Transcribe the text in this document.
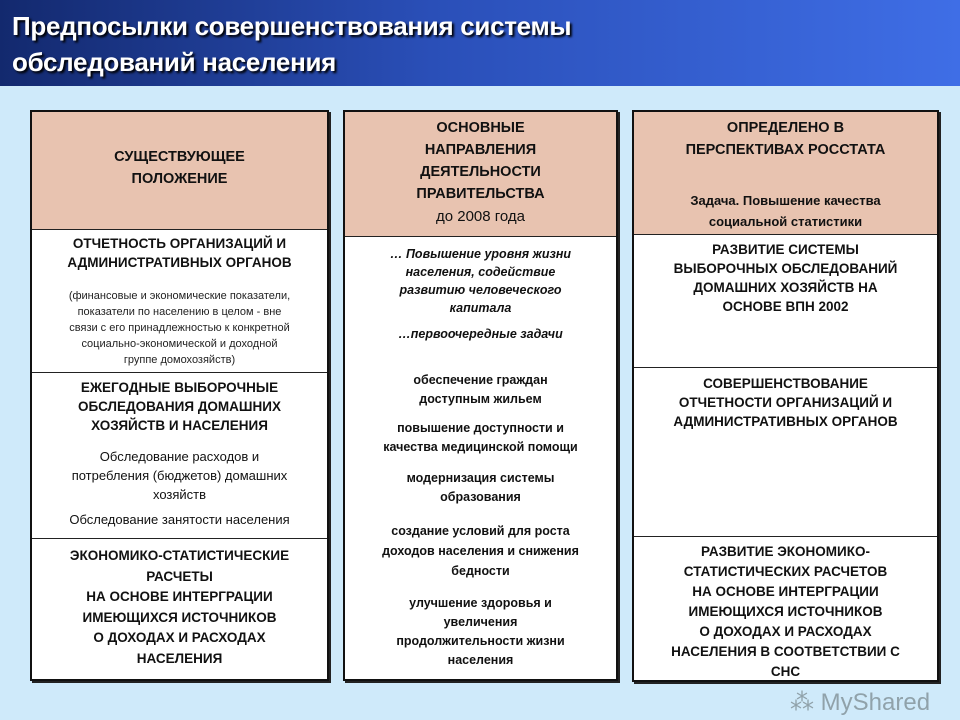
Предпосылки совершенствования системы
обследований населения
СУЩЕСТВУЮЩЕЕ
ПОЛОЖЕНИЕ
ОТЧЕТНОСТЬ ОРГАНИЗАЦИЙ И
АДМИНИСТРАТИВНЫХ ОРГАНОВ
(финансовые и экономические показатели,
показатели по населению в целом - вне
связи с его принадлежностью к конкретной
социально-экономической и доходной
группе домохозяйств)
ЕЖЕГОДНЫЕ ВЫБОРОЧНЫЕ
ОБСЛЕДОВАНИЯ ДОМАШНИХ
ХОЗЯЙСТВ И НАСЕЛЕНИЯ
Обследование расходов и
потребления (бюджетов) домашних
хозяйств
Обследование занятости населения
ЭКОНОМИКО-СТАТИСТИЧЕСКИЕ
РАСЧЕТЫ
НА ОСНОВЕ ИНТЕРГРАЦИИ
ИМЕЮЩИХСЯ ИСТОЧНИКОВ
О ДОХОДАХ И РАСХОДАХ
НАСЕЛЕНИЯ
ОСНОВНЫЕ
НАПРАВЛЕНИЯ
ДЕЯТЕЛЬНОСТИ
ПРАВИТЕЛЬСТВА
до 2008 года
… Повышение уровня жизни
населения, содействие
развитию человеческого
капитала
…первоочередные задачи
обеспечение граждан
доступным жильем
повышение доступности и
качества медицинской помощи
модернизация системы
образования
создание условий для роста
доходов населения и снижения
бедности
улучшение здоровья и
увеличения
продолжительности жизни
населения
ОПРЕДЕЛЕНО В
ПЕРСПЕКТИВАХ РОССТАТА
Задача. Повышение качества
социальной статистики
РАЗВИТИЕ СИСТЕМЫ
ВЫБОРОЧНЫХ ОБСЛЕДОВАНИЙ
ДОМАШНИХ ХОЗЯЙСТВ НА
ОСНОВЕ ВПН 2002
СОВЕРШЕНСТВОВАНИЕ
ОТЧЕТНОСТИ ОРГАНИЗАЦИЙ И
АДМИНИСТРАТИВНЫХ ОРГАНОВ
РАЗВИТИЕ ЭКОНОМИКО-
СТАТИСТИЧЕСКИХ РАСЧЕТОВ
НА ОСНОВЕ ИНТЕРГРАЦИИ
ИМЕЮЩИХСЯ ИСТОЧНИКОВ
О ДОХОДАХ И РАСХОДАХ
НАСЕЛЕНИЯ В СООТВЕТСТВИИ С
СНС
⁂ MyShared
